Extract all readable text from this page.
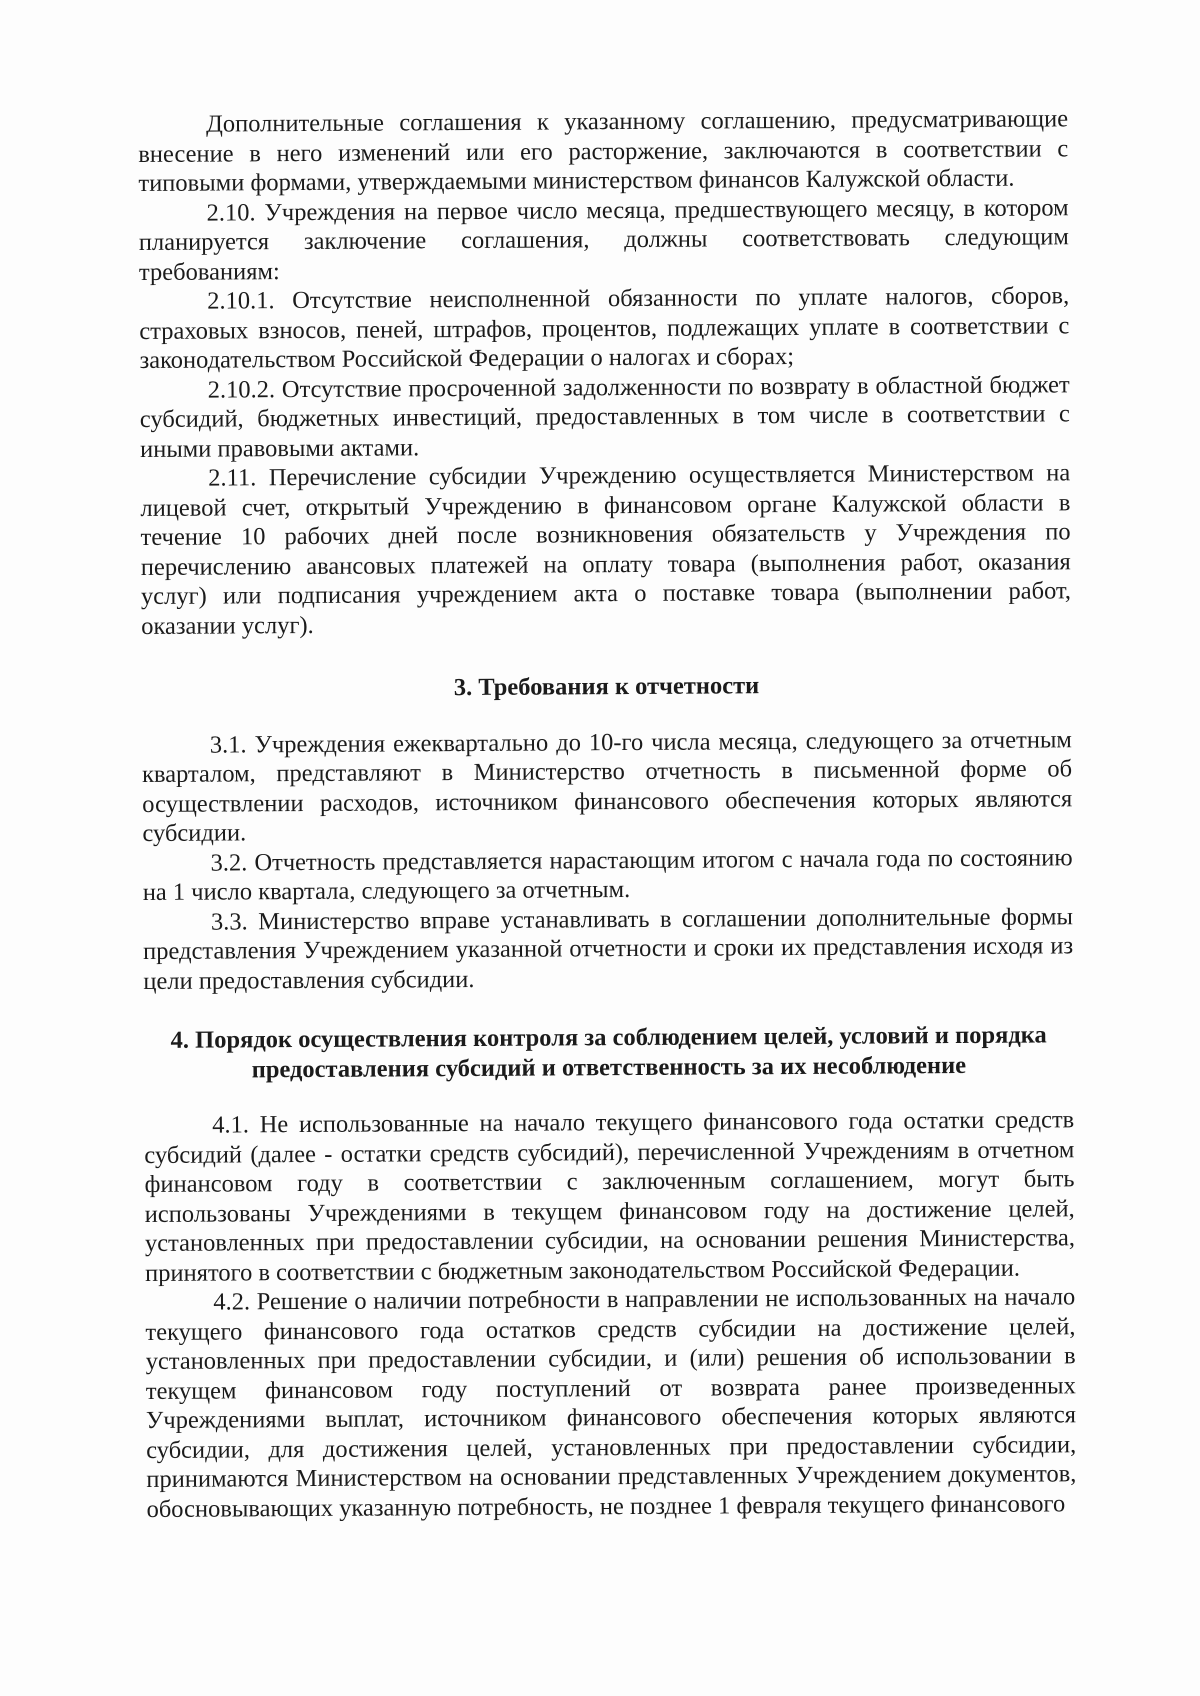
Дополнительные соглашения к указанному соглашению, предусматривающие внесение в него изменений или его расторжение, заключаются в соответствии с типовыми формами, утверждаемыми министерством финансов Калужской области.

2.10. Учреждения на первое число месяца, предшествующего месяцу, в котором планируется заключение соглашения, должны соответствовать следующим требованиям:

2.10.1. Отсутствие неисполненной обязанности по уплате налогов, сборов, страховых взносов, пеней, штрафов, процентов, подлежащих уплате в соответствии с законодательством Российской Федерации о налогах и сборах;

2.10.2. Отсутствие просроченной задолженности по возврату в областной бюджет субсидий, бюджетных инвестиций, предоставленных в том числе в соответствии с иными правовыми актами.

2.11. Перечисление субсидии Учреждению осуществляется Министерством на лицевой счет, открытый Учреждению в финансовом органе Калужской области в течение 10 рабочих дней после возникновения обязательств у Учреждения по перечислению авансовых платежей на оплату товара (выполнения работ, оказания услуг) или подписания учреждением акта о поставке товара (выполнении работ, оказании услуг).

3. Требования к отчетности

3.1. Учреждения ежеквартально до 10-го числа месяца, следующего за отчетным кварталом, представляют в Министерство отчетность в письменной форме об осуществлении расходов, источником финансового обеспечения которых являются субсидии.

3.2. Отчетность представляется нарастающим итогом с начала года по состоянию на 1 число квартала, следующего за отчетным.

3.3. Министерство вправе устанавливать в соглашении дополнительные формы представления Учреждением указанной отчетности и сроки их представления исходя из цели предоставления субсидии.

4. Порядок осуществления контроля за соблюдением целей, условий и порядка
предоставления субсидий и ответственность за их несоблюдение

4.1. Не использованные на начало текущего финансового года остатки средств субсидий (далее - остатки средств субсидий), перечисленной Учреждениям в отчетном финансовом году в соответствии с заключенным соглашением, могут быть использованы Учреждениями в текущем финансовом году на достижение целей, установленных при предоставлении субсидии, на основании решения Министерства, принятого в соответствии с бюджетным законодательством Российской Федерации.

4.2. Решение о наличии потребности в направлении не использованных на начало текущего финансового года остатков средств субсидии на достижение целей, установленных при предоставлении субсидии, и (или) решения об использовании в текущем финансовом году поступлений от возврата ранее произведенных Учреждениями выплат, источником финансового обеспечения которых являются субсидии, для достижения целей, установленных при предоставлении субсидии, принимаются Министерством на основании представленных Учреждением документов, обосновывающих указанную потребность, не позднее 1 февраля текущего финансового
